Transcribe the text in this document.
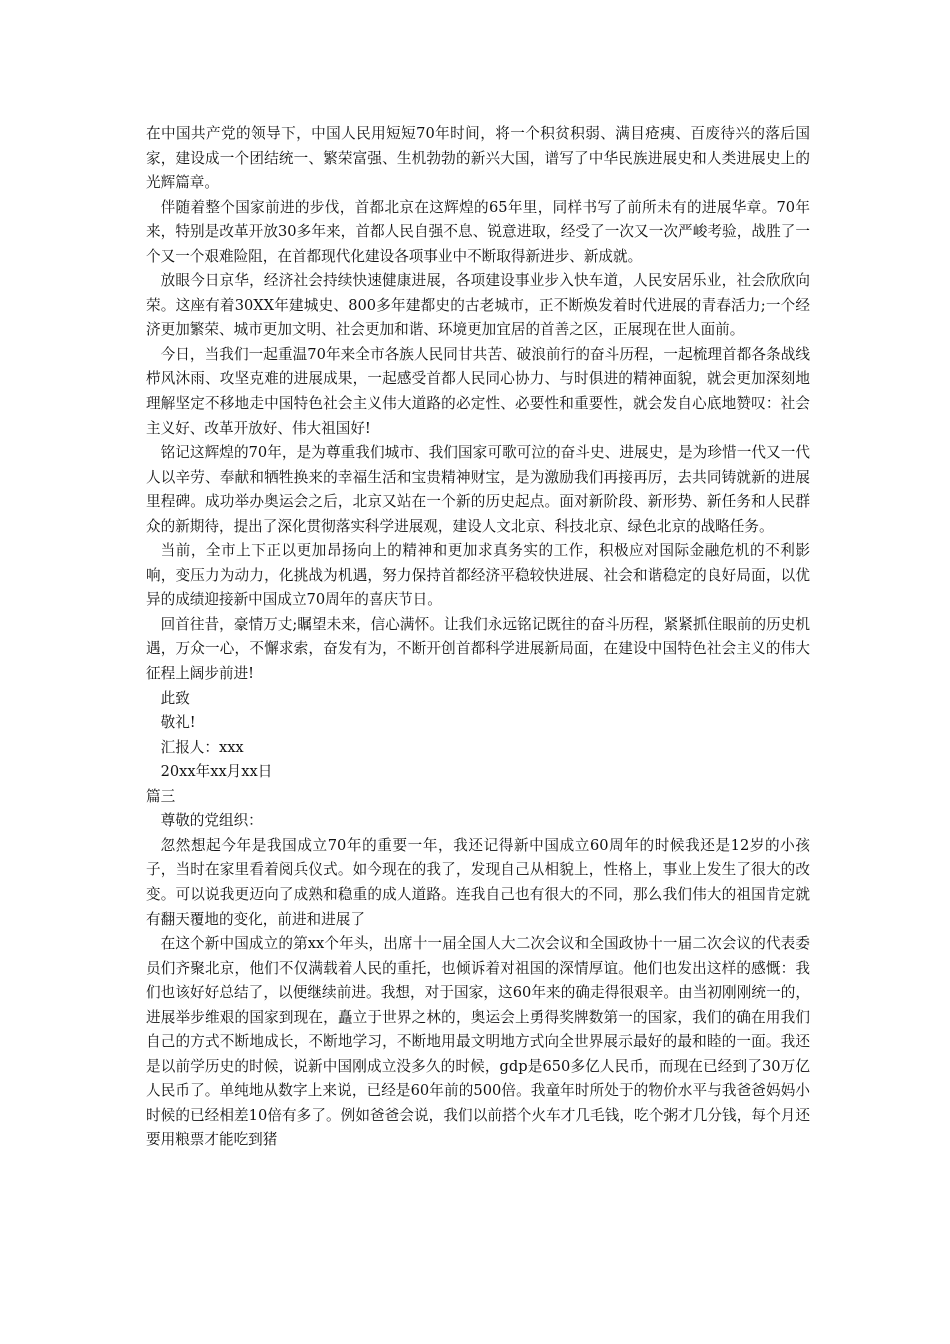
在中国共产党的领导下，中国人民用短短70年时间，将一个积贫积弱、满目疮痍、百废待兴的落后国家，建设成一个团结统一、繁荣富强、生机勃勃的新兴大国，谱写了中华民族进展史和人类进展史上的光辉篇章。

伴随着整个国家前进的步伐，首都北京在这辉煌的65年里，同样书写了前所未有的进展华章。70年来，特别是改革开放30多年来，首都人民自强不息、锐意进取，经受了一次又一次严峻考验，战胜了一个又一个艰难险阻，在首都现代化建设各项事业中不断取得新进步、新成就。

放眼今日京华，经济社会持续快速健康进展，各项建设事业步入快车道，人民安居乐业，社会欣欣向荣。这座有着30XX年建城史、800多年建都史的古老城市，正不断焕发着时代进展的青春活力;一个经济更加繁荣、城市更加文明、社会更加和谐、环境更加宜居的首善之区，正展现在世人面前。

今日，当我们一起重温70年来全市各族人民同甘共苦、破浪前行的奋斗历程，一起梳理首都各条战线栉风沐雨、攻坚克难的进展成果，一起感受首都人民同心协力、与时俱进的精神面貌，就会更加深刻地理解坚定不移地走中国特色社会主义伟大道路的必定性、必要性和重要性，就会发自心底地赞叹：社会主义好、改革开放好、伟大祖国好!

铭记这辉煌的70年，是为尊重我们城市、我们国家可歌可泣的奋斗史、进展史，是为珍惜一代又一代人以辛劳、奉献和牺牲换来的幸福生活和宝贵精神财宝，是为激励我们再接再厉，去共同铸就新的进展里程碑。成功举办奥运会之后，北京又站在一个新的历史起点。面对新阶段、新形势、新任务和人民群众的新期待，提出了深化贯彻落实科学进展观，建设人文北京、科技北京、绿色北京的战略任务。

当前，全市上下正以更加昂扬向上的精神和更加求真务实的工作，积极应对国际金融危机的不利影响，变压力为动力，化挑战为机遇，努力保持首都经济平稳较快进展、社会和谐稳定的良好局面，以优异的成绩迎接新中国成立70周年的喜庆节日。

回首往昔，豪情万丈;瞩望未来，信心满怀。让我们永远铭记既往的奋斗历程，紧紧抓住眼前的历史机遇，万众一心，不懈求索，奋发有为，不断开创首都科学进展新局面，在建设中国特色社会主义的伟大征程上阔步前进!

此致

敬礼!

汇报人：xxx

20xx年xx月xx日

篇三

尊敬的党组织：

忽然想起今年是我国成立70年的重要一年，我还记得新中国成立60周年的时候我还是12岁的小孩子，当时在家里看着阅兵仪式。如今现在的我了，发现自己从相貌上，性格上，事业上发生了很大的改变。可以说我更迈向了成熟和稳重的成人道路。连我自己也有很大的不同，那么我们伟大的祖国肯定就有翻天覆地的变化，前进和进展了

在这个新中国成立的第xx个年头，出席十一届全国人大二次会议和全国政协十一届二次会议的代表委员们齐聚北京，他们不仅满载着人民的重托，也倾诉着对祖国的深情厚谊。他们也发出这样的感慨：我们也该好好总结了，以便继续前进。我想，对于国家，这60年来的确走得很艰辛。由当初刚刚统一的，进展举步维艰的国家到现在，矗立于世界之林的，奥运会上勇得奖牌数第一的国家，我们的确在用我们自己的方式不断地成长，不断地学习，不断地用最文明地方式向全世界展示最好的最和睦的一面。我还是以前学历史的时候，说新中国刚成立没多久的时候，gdp是650多亿人民币，而现在已经到了30万亿人民币了。单纯地从数字上来说，已经是60年前的500倍。我童年时所处于的物价水平与我爸爸妈妈小时候的已经相差10倍有多了。例如爸爸会说，我们以前搭个火车才几毛钱，吃个粥才几分钱，每个月还要用粮票才能吃到猪
